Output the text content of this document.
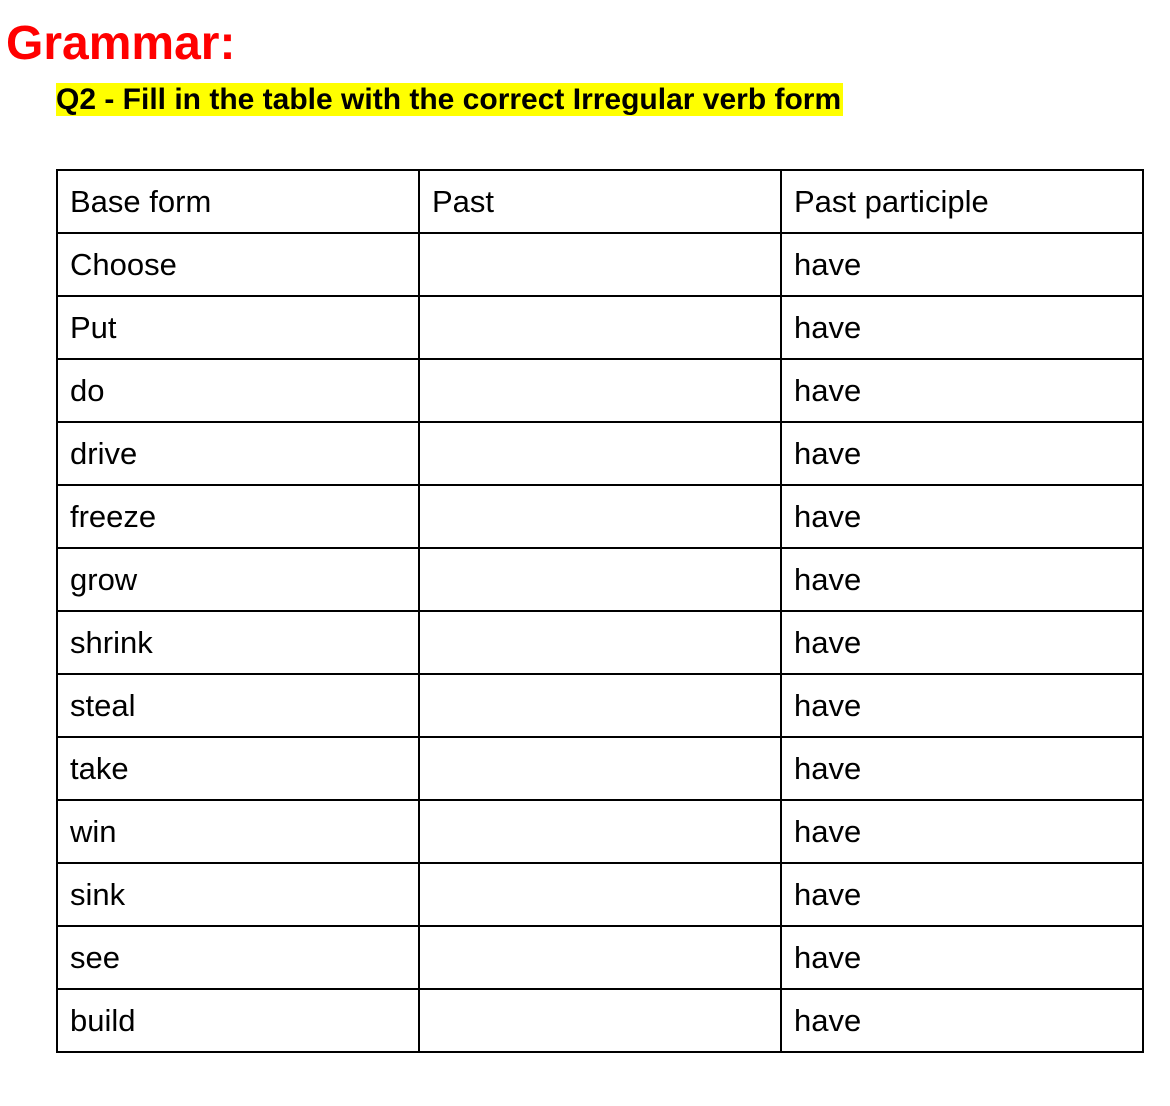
Grammar:

Q2 - Fill in the table with the correct Irregular verb form

Base form	Past	Past participle
Choose		have
Put		have
do		have
drive		have
freeze		have
grow		have
shrink		have
steal		have
take		have
win		have
sink		have
see		have
build		have
